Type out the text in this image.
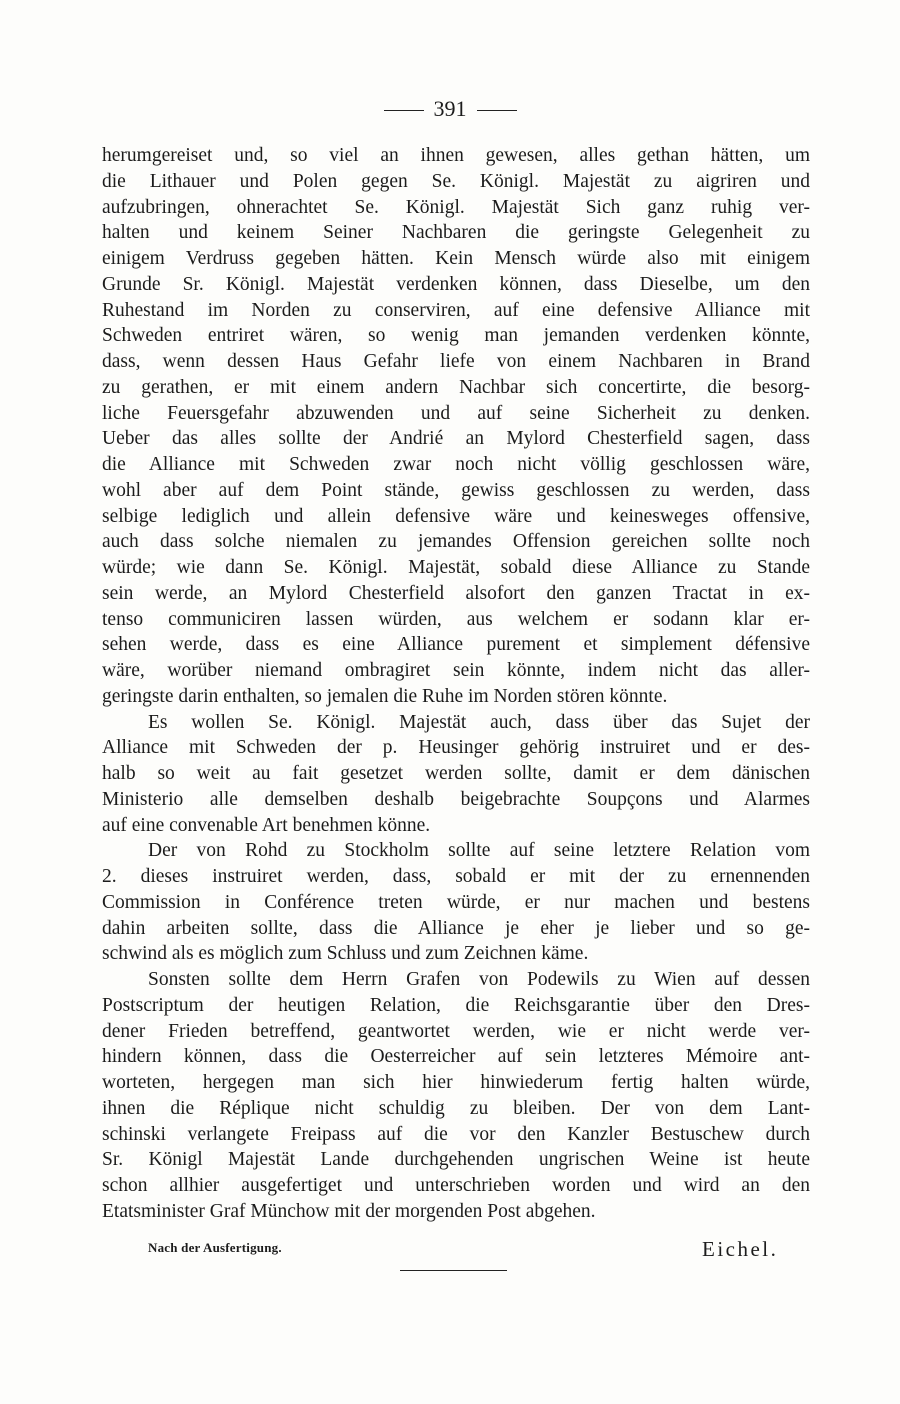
391
herumgereiset und, so viel an ihnen gewesen, alles gethan hätten, um
die Lithauer und Polen gegen Se. Königl. Majestät zu aigriren und
aufzubringen, ohnerachtet Se. Königl. Majestät Sich ganz ruhig ver-
halten und keinem Seiner Nachbaren die geringste Gelegenheit zu
einigem Verdruss gegeben hätten. Kein Mensch würde also mit einigem
Grunde Sr. Königl. Majestät verdenken können, dass Dieselbe, um den
Ruhestand im Norden zu conserviren, auf eine defensive Alliance mit
Schweden entriret wären, so wenig man jemanden verdenken könnte,
dass, wenn dessen Haus Gefahr liefe von einem Nachbaren in Brand
zu gerathen, er mit einem andern Nachbar sich concertirte, die besorg-
liche Feuersgefahr abzuwenden und auf seine Sicherheit zu denken.
Ueber das alles sollte der Andrié an Mylord Chesterfield sagen, dass
die Alliance mit Schweden zwar noch nicht völlig geschlossen wäre,
wohl aber auf dem Point stände, gewiss geschlossen zu werden, dass
selbige lediglich und allein defensive wäre und keinesweges offensive,
auch dass solche niemalen zu jemandes Offension gereichen sollte noch
würde; wie dann Se. Königl. Majestät, sobald diese Alliance zu Stande
sein werde, an Mylord Chesterfield alsofort den ganzen Tractat in ex-
tenso communiciren lassen würden, aus welchem er sodann klar er-
sehen werde, dass es eine Alliance purement et simplement défensive
wäre, worüber niemand ombragiret sein könnte, indem nicht das aller-
geringste darin enthalten, so jemalen die Ruhe im Norden stören könnte.
Es wollen Se. Königl. Majestät auch, dass über das Sujet der
Alliance mit Schweden der p. Heusinger gehörig instruiret und er des-
halb so weit au fait gesetzet werden sollte, damit er dem dänischen
Ministerio alle demselben deshalb beigebrachte Soupçons und Alarmes
auf eine convenable Art benehmen könne.
Der von Rohd zu Stockholm sollte auf seine letztere Relation vom
2. dieses instruiret werden, dass, sobald er mit der zu ernennenden
Commission in Conférence treten würde, er nur machen und bestens
dahin arbeiten sollte, dass die Alliance je eher je lieber und so ge-
schwind als es möglich zum Schluss und zum Zeichnen käme.
Sonsten sollte dem Herrn Grafen von Podewils zu Wien auf dessen
Postscriptum der heutigen Relation, die Reichsgarantie über den Dres-
dener Frieden betreffend, geantwortet werden, wie er nicht werde ver-
hindern können, dass die Oesterreicher auf sein letzteres Mémoire ant-
worteten, hergegen man sich hier hinwiederum fertig halten würde,
ihnen die Réplique nicht schuldig zu bleiben. Der von dem Lant-
schinski verlangete Freipass auf die vor den Kanzler Bestuschew durch
Sr. Königl Majestät Lande durchgehenden ungrischen Weine ist heute
schon allhier ausgefertiget und unterschrieben worden und wird an den
Etatsminister Graf Münchow mit der morgenden Post abgehen.
Nach der Ausfertigung.	Eichel.
